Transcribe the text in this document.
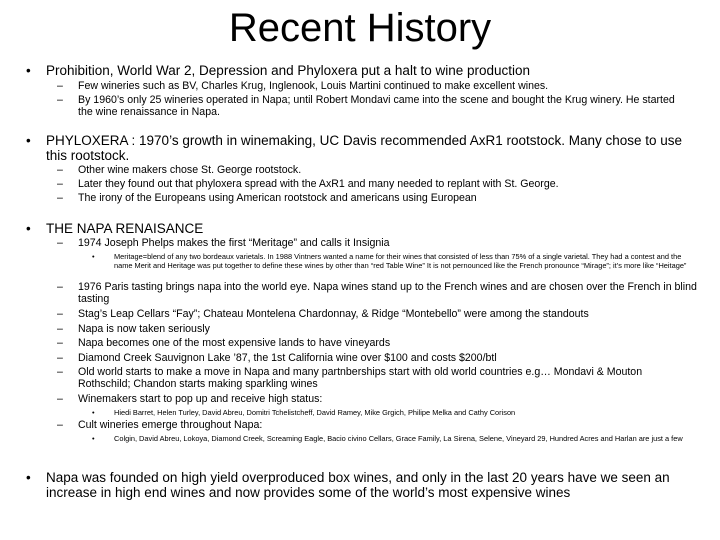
Recent History
•	Prohibition, World War 2, Depression and Phyloxera put a halt to wine production
–	Few wineries such as BV, Charles Krug, Inglenook, Louis Martini continued to make excellent wines.
–	By 1960’s only 25 wineries operated in Napa; until Robert Mondavi came into the scene and bought the Krug winery. He started the wine renaissance in Napa.
•	PHYLOXERA : 1970’s growth in winemaking, UC Davis recommended AxR1 rootstock. Many chose to use this rootstock.
–	Other wine makers chose St. George rootstock.
–	Later they found out that phyloxera spread with the AxR1 and many needed to replant with St. George.
–	The irony of the Europeans using American rootstock and americans using European
•	THE NAPA RENAISANCE
–	1974 Joseph Phelps makes the first “Meritage” and calls it Insignia
•	Meritage=blend of any two bordeaux varietals. In 1988 Vintners wanted a name for their wines that consisted of less than 75% of a single varietal. They had a contest and the name Merit and Heritage was put together to define these wines by other than “red Table Wine” It is not pernounced like the French pronounce “Mirage”; it’s more like “Heitage”
–	1976 Paris tasting brings napa into the world eye. Napa wines stand up to the French wines and are chosen over the French in blind tasting
–	Stag’s Leap Cellars “Fay”; Chateau Montelena Chardonnay, & Ridge “Montebello” were among the standouts
–	Napa is now taken seriously
–	Napa becomes one of the most expensive lands to have vineyards
–	Diamond Creek Sauvignon Lake ’87, the 1st California wine over $100 and costs $200/btl
–	Old world starts to make a move in Napa and many partnberships start with old world countries e.g… Mondavi & Mouton Rothschild; Chandon starts making sparkling wines
–	Winemakers start to pop up and receive high status:
•	Hiedi Barret, Helen Turley, David Abreu, Domitri Tchelistcheff, David Ramey, Mike Grgich, Philipe Melka and Cathy Corison
–	Cult wineries emerge throughout Napa:
•	Colgin, David Abreu, Lokoya, Diamond Creek, Screaming Eagle, Bacio civino Cellars, Grace Family, La Sirena, Selene, Vineyard 29, Hundred Acres and Harlan are just a few
•	Napa was founded on high yield overproduced box wines, and only in the last 20 years have we seen an increase in high end wines and now provides some of the world’s most expensive wines
